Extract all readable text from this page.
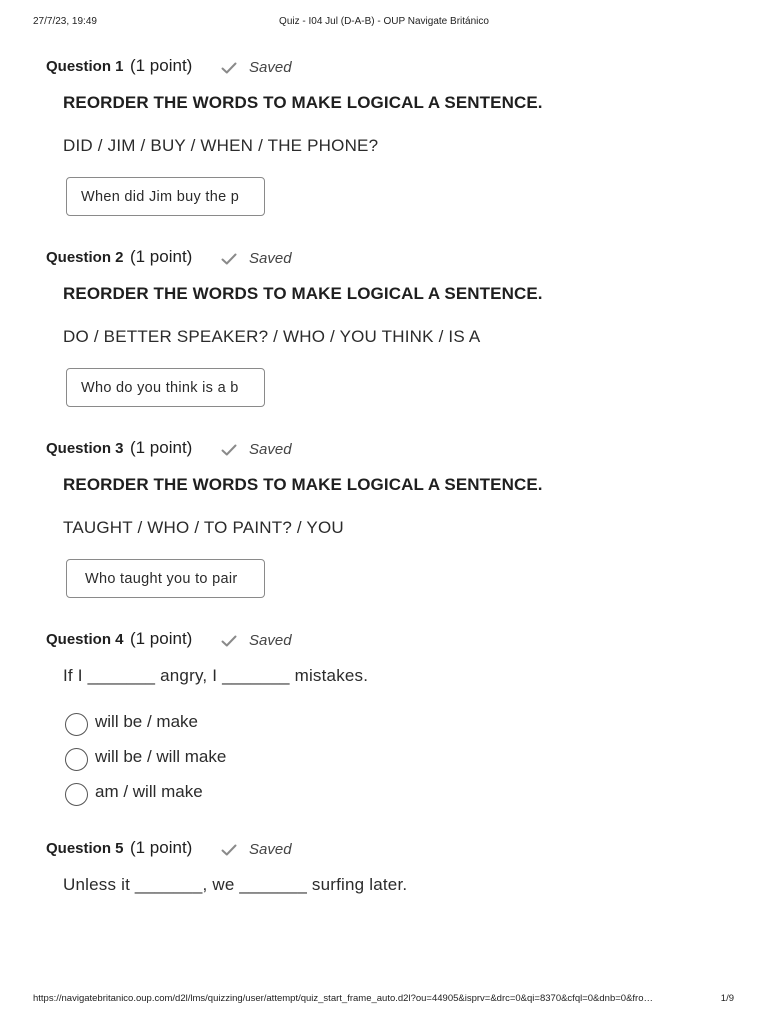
27/7/23, 19:49	Quiz - I04 Jul (D-A-B) - OUP Navigate Británico
Question 1 (1 point)	Saved
REORDER THE WORDS TO MAKE LOGICAL A SENTENCE.
DID / JIM / BUY / WHEN / THE PHONE?
When did Jim buy the p
Question 2 (1 point)	Saved
REORDER THE WORDS TO MAKE LOGICAL A SENTENCE.
DO / BETTER SPEAKER? / WHO / YOU THINK / IS A
Who do you think is a b
Question 3 (1 point)	Saved
REORDER THE WORDS TO MAKE LOGICAL A SENTENCE.
TAUGHT / WHO / TO PAINT? / YOU
Who taught you to pair
Question 4 (1 point)	Saved
If I _______ angry, I _______ mistakes.
will be / make
will be / will make
am / will make
Question 5 (1 point)	Saved
Unless it _______, we _______ surfing later.
https://navigatebritanico.oup.com/d2l/lms/quizzing/user/attempt/quiz_start_frame_auto.d2l?ou=44905&isprv=&drc=0&qi=8370&cfql=0&dnb=0&fro…	1/9
